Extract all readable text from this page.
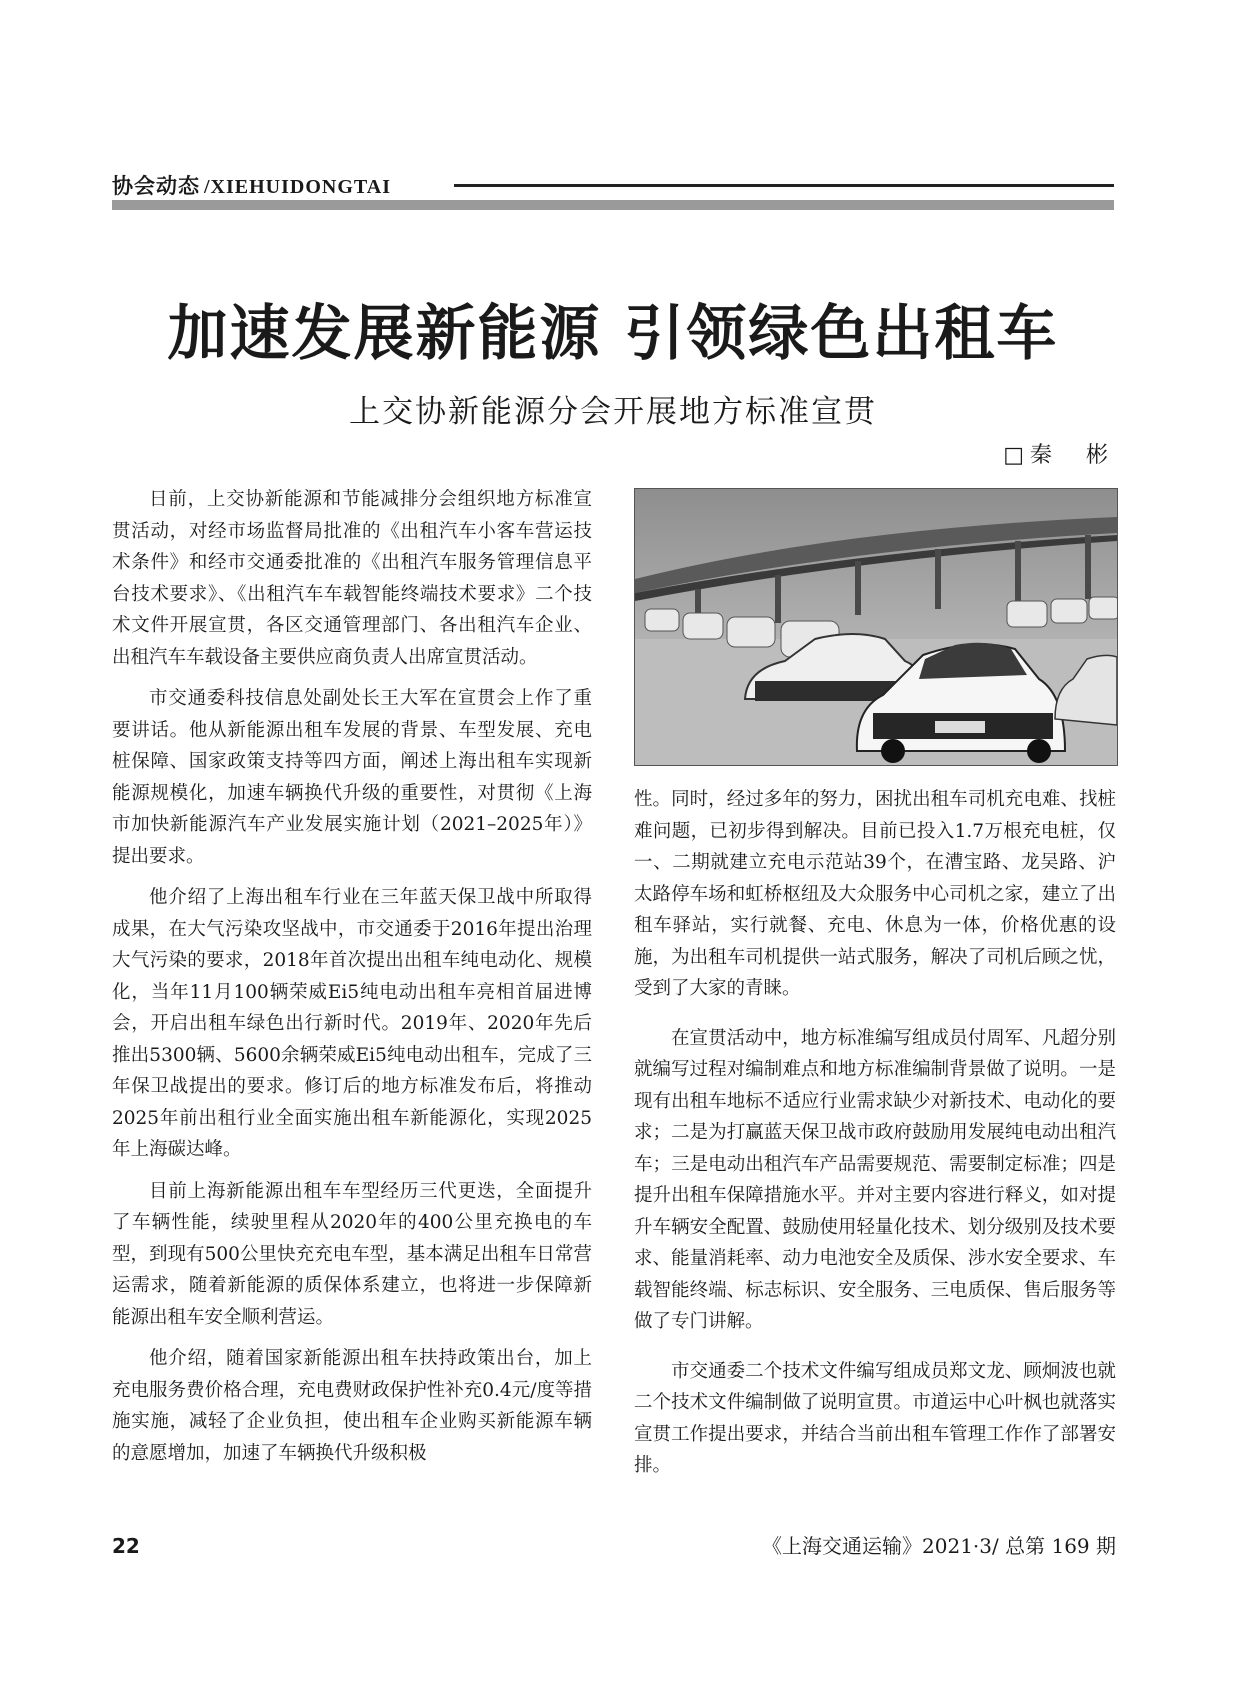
协会动态 /XIEHUIDONGTAI
加速发展新能源 引领绿色出租车
上交协新能源分会开展地方标准宣贯
□秦　彬

日前，上交协新能源和节能减排分会组织地方标准宣贯活动，对经市场监督局批准的《出租汽车小客车营运技术条件》和经市交通委批准的《出租汽车服务管理信息平台技术要求》、《出租汽车车载智能终端技术要求》二个技术文件开展宣贯，各区交通管理部门、各出租汽车企业、出租汽车车载设备主要供应商负责人出席宣贯活动。

市交通委科技信息处副处长王大军在宣贯会上作了重要讲话。他从新能源出租车发展的背景、车型发展、充电桩保障、国家政策支持等四方面，阐述上海出租车实现新能源规模化，加速车辆换代升级的重要性，对贯彻《上海市加快新能源汽车产业发展实施计划（2021–2025年）》提出要求。

他介绍了上海出租车行业在三年蓝天保卫战中所取得成果，在大气污染攻坚战中，市交通委于2016年提出治理大气污染的要求，2018年首次提出出租车纯电动化、规模化，当年11月100辆荣威Ei5纯电动出租车亮相首届进博会，开启出租车绿色出行新时代。2019年、2020年先后推出5300辆、5600余辆荣威Ei5纯电动出租车，完成了三年保卫战提出的要求。修订后的地方标准发布后，将推动2025年前出租行业全面实施出租车新能源化，实现2025年上海碳达峰。

目前上海新能源出租车车型经历三代更迭，全面提升了车辆性能，续驶里程从2020年的400公里充换电的车型，到现有500公里快充充电车型，基本满足出租车日常营运需求，随着新能源的质保体系建立，也将进一步保障新能源出租车安全顺利营运。

他介绍，随着国家新能源出租车扶持政策出台，加上充电服务费价格合理，充电费财政保护性补充0.4元/度等措施实施，减轻了企业负担，使出租车企业购买新能源车辆的意愿增加，加速了车辆换代升级积极

性。同时，经过多年的努力，困扰出租车司机充电难、找桩难问题，已初步得到解决。目前已投入1.7万根充电桩，仅一、二期就建立充电示范站39个，在漕宝路、龙吴路、沪太路停车场和虹桥枢纽及大众服务中心司机之家，建立了出租车驿站，实行就餐、充电、休息为一体，价格优惠的设施，为出租车司机提供一站式服务，解决了司机后顾之忧，受到了大家的青睐。

在宣贯活动中，地方标准编写组成员付周军、凡超分别就编写过程对编制难点和地方标准编制背景做了说明。一是现有出租车地标不适应行业需求缺少对新技术、电动化的要求；二是为打赢蓝天保卫战市政府鼓励用发展纯电动出租汽车；三是电动出租汽车产品需要规范、需要制定标准；四是提升出租车保障措施水平。并对主要内容进行释义，如对提升车辆安全配置、鼓励使用轻量化技术、划分级别及技术要求、能量消耗率、动力电池安全及质保、涉水安全要求、车载智能终端、标志标识、安全服务、三电质保、售后服务等做了专门讲解。

市交通委二个技术文件编写组成员郑文龙、顾炯波也就二个技术文件编制做了说明宣贯。市道运中心叶枫也就落实宣贯工作提出要求，并结合当前出租车管理工作作了部署安排。

22	《上海交通运输》2021·3/ 总第 169 期
